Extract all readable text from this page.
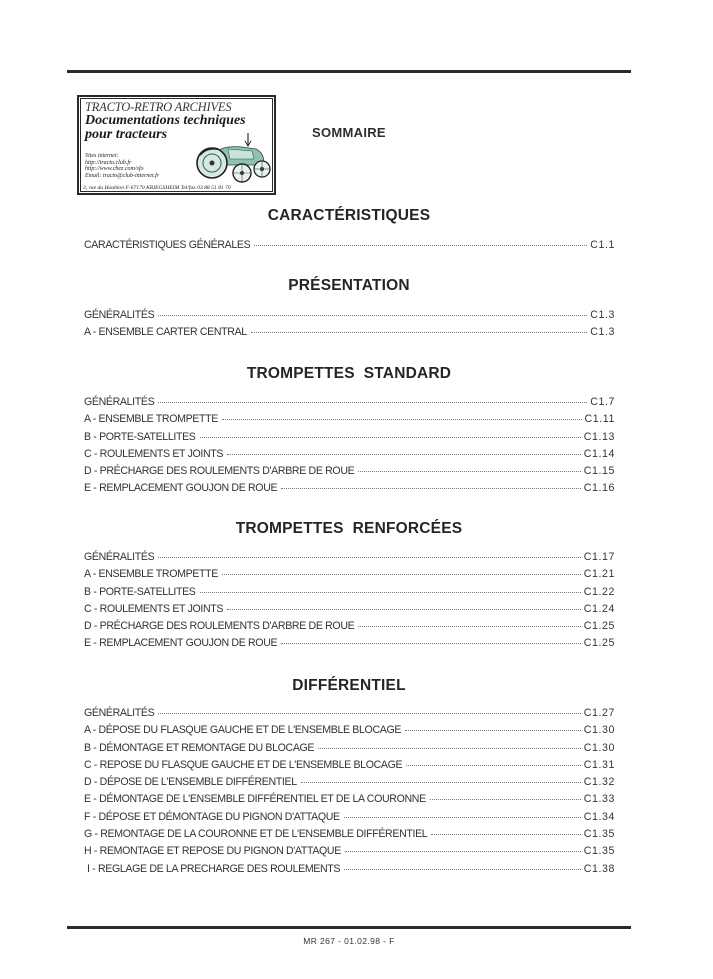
TRACTO-RETRO ARCHIVES
Documentations techniques
pour tracteurs
Sites internet:
http://tracto.club.fr
http://www.chez.com/sfo
Email: tracto@club-internet.fr
3, rue du Houblon F-67170 KRIEGSHEIM Tel/fax 03 88 51 81 70
SOMMAIRE
CARACTÉRISTIQUES
CARACTÉRISTIQUES GÉNÉRALES	C1.1
PRÉSENTATION
GÉNÉRALITÉS	C1.3
A - ENSEMBLE CARTER CENTRAL	C1.3
TROMPETTES  STANDARD
GÉNÉRALITÉS	C1.7
A - ENSEMBLE TROMPETTE	C1.11
B - PORTE-SATELLITES	C1.13
C - ROULEMENTS ET JOINTS	C1.14
D - PRÉCHARGE DES ROULEMENTS D'ARBRE DE ROUE	C1.15
E - REMPLACEMENT GOUJON DE ROUE	C1.16
TROMPETTES  RENFORCÉES
GÉNÉRALITÉS	C1.17
A - ENSEMBLE TROMPETTE	C1.21
B - PORTE-SATELLITES	C1.22
C - ROULEMENTS ET JOINTS	C1.24
D - PRÉCHARGE DES ROULEMENTS D'ARBRE DE ROUE	C1.25
E - REMPLACEMENT GOUJON DE ROUE	C1.25
DIFFÉRENTIEL
GÉNÉRALITÉS	C1.27
A - DÉPOSE DU FLASQUE GAUCHE ET DE L'ENSEMBLE BLOCAGE	C1.30
B - DÉMONTAGE ET REMONTAGE DU BLOCAGE	C1.30
C - REPOSE DU FLASQUE GAUCHE ET DE L'ENSEMBLE BLOCAGE	C1.31
D - DÉPOSE DE L'ENSEMBLE DIFFÉRENTIEL	C1.32
E - DÉMONTAGE DE L'ENSEMBLE DIFFÉRENTIEL ET DE LA COURONNE	C1.33
F - DÉPOSE ET DÉMONTAGE DU PIGNON D'ATTAQUE	C1.34
G - REMONTAGE DE LA COURONNE ET DE L'ENSEMBLE DIFFÉRENTIEL	C1.35
H - REMONTAGE ET REPOSE DU PIGNON D'ATTAQUE	C1.35
I - REGLAGE DE LA PRECHARGE DES ROULEMENTS	C1.38
MR 267 - 01.02.98 - F
